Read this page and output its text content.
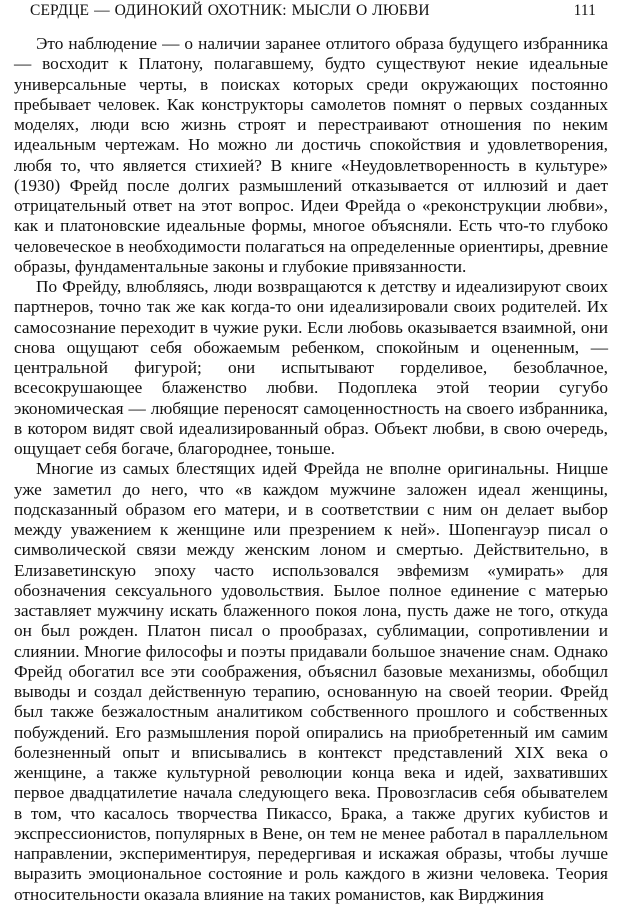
СЕРДЦЕ — ОДИНОКИЙ ОХОТНИК: МЫСЛИ О ЛЮБВИ	111

Это наблюдение — о наличии заранее отлитого образа будущего избранника — восходит к Платону, полагавшему, будто существуют некие идеальные универсальные черты, в поисках которых среди окружающих постоянно пребывает человек. Как конструкторы самолетов помнят о первых созданных моделях, люди всю жизнь строят и перестраивают отношения по неким идеальным чертежам. Но можно ли достичь спокойствия и удовлетворения, любя то, что является стихией? В книге «Неудовлетворенность в культуре» (1930) Фрейд после долгих размышлений отказывается от иллюзий и дает отрицательный ответ на этот вопрос. Идеи Фрейда о «реконструкции любви», как и платоновские идеальные формы, многое объясняли. Есть что-то глубоко человеческое в необходимости полагаться на определенные ориентиры, древние образы, фундаментальные законы и глубокие привязанности.

По Фрейду, влюбляясь, люди возвращаются к детству и идеализируют своих партнеров, точно так же как когда-то они идеализировали своих родителей. Их самосознание переходит в чужие руки. Если любовь оказывается взаимной, они снова ощущают себя обожаемым ребенком, спокойным и оцененным, — центральной фигурой; они испытывают горделивое, безоблачное, всесокрушающее блаженство любви. Подоплека этой теории сугубо экономическая — любящие переносят самоценностность на своего избранника, в котором видят свой идеализированный образ. Объект любви, в свою очередь, ощущает себя богаче, благороднее, тоньше.

Многие из самых блестящих идей Фрейда не вполне оригинальны. Ницше уже заметил до него, что «в каждом мужчине заложен идеал женщины, подсказанный образом его матери, и в соответствии с ним он делает выбор между уважением к женщине или презрением к ней». Шопенгауэр писал о символической связи между женским лоном и смертью. Действительно, в Елизаветинскую эпоху часто использовался эвфемизм «умирать» для обозначения сексуального удовольствия. Былое полное единение с матерью заставляет мужчину искать блаженного покоя лона, пусть даже не того, откуда он был рожден. Платон писал о прообразах, сублимации, сопротивлении и слиянии. Многие философы и поэты придавали большое значение снам. Однако Фрейд обогатил все эти соображения, объяснил базовые механизмы, обобщил выводы и создал действенную терапию, основанную на своей теории. Фрейд был также безжалостным аналитиком собственного прошлого и собственных побуждений. Его размышления порой опирались на приобретенный им самим болезненный опыт и вписывались в контекст представлений XIX века о женщине, а также культурной революции конца века и идей, захвативших первое двадцатилетие начала следующего века. Провозгласив себя обывателем в том, что касалось творчества Пикассо, Брака, а также других кубистов и экспрессионистов, популярных в Вене, он тем не менее работал в параллельном направлении, экспериментируя, передергивая и искажая образы, чтобы лучше выразить эмоциональное состояние и роль каждого в жизни человека. Теория относительности оказала влияние на таких романистов, как Вирджиния
